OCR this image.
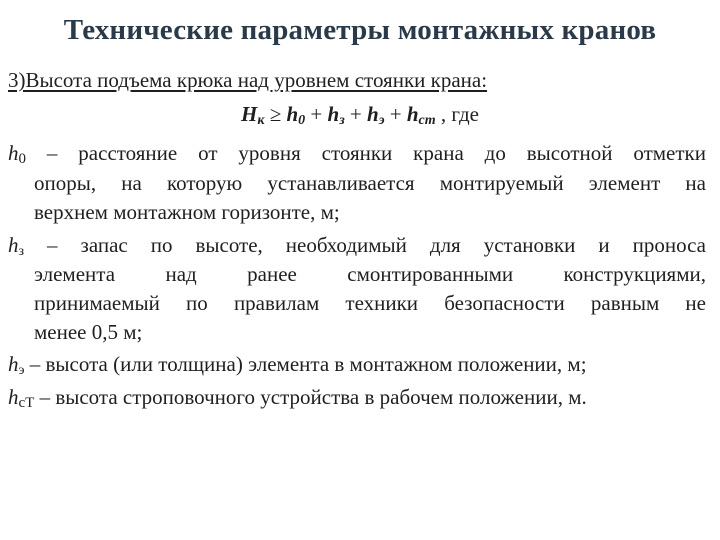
Технические параметры монтажных кранов
3)Высота подъема крюка над уровнем стоянки крана:
$H_к \ge h_0 + h_з + h_э + h_{cт}$ , где
$h_0$ – расстояние от уровня стоянки крана до высотной отметки
опоры, на которую устанавливается монтируемый элемент на
верхнем монтажном горизонте, м;
$h_з$ – запас по высоте, необходимый для установки и проноса
элемента над ранее смонтированными конструкциями,
принимаемый по правилам техники безопасности равным не
менее 0,5 м;
$h_э$ – высота (или толщина) элемента в монтажном положении, м;
$h_{cT}$ – высота строповочного устройства в рабочем положении, м.
